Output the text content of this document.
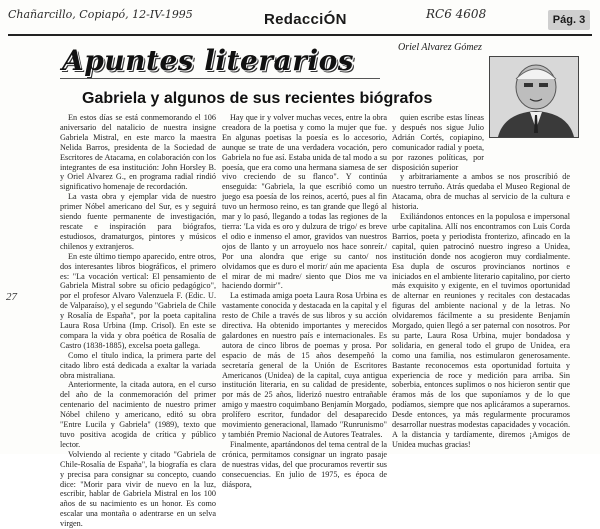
Chañarcillo, Copiapó, 12-IV-1995	RC6 4608
RedacciÓN	Pág. 3
Apuntes literarios	Oriel Alvarez Gómez
Gabriela y algunos de sus recientes biógrafos
27

En estos días se está conmemorando el 106 aniversario del natalicio de nuestra insigne Gabriela Mistral, en este marco la maestra Nelida Barros, presidenta de la Sociedad de Escritores de Atacama, en colaboración con los integrantes de esa institución: John Horsley B. y Oriel Alvarez G., en programa radial rindió significativo homenaje de recordación.

La vasta obra y ejemplar vida de nuestro primer Nóbel americano del Sur, es y seguirá siendo fuente permanente de investigación, rescate e inspiración para biógrafos, estudiosos, dramaturgos, pintores y músicos chilenos y extranjeros.

En este último tiempo aparecido, entre otros, dos interesantes libros biográficos, el primero es: "La vocación vertical: El pensamiento de Gabriela Mistral sobre su oficio pedagógico", por el profesor Alvaro Valenzuela F. (Edic. U. de Valparaíso), y el segundo "Gabriela de Chile y Rosalía de España", por la poeta capitalina Laura Rosa Urbina (Imp. Crisol). En este se compara la vida y obra poética de Rosalía de Castro (1838-1885), excelsa poeta gallega.

Como el título indica, la primera parte del citado libro está dedicada a exaltar la variada obra mistraliana.

Anteriormente, la citada autora, en el curso del año de la conmemoración del primer centenario del nacimiento de nuestro primer Nóbel chileno y americano, editó su obra "Entre Lucila y Gabriela" (1989), texto que tuvo positiva acogida de crítica y público lector.

Volviendo al reciente y citado "Gabriela de Chile-Rosalía de España", la biografía es clara y precisa para consignar su concepto, cuando dice: "Morir para vivir de nuevo en la luz, escribir, hablar de Gabriela Mistral en los 100 años de su nacimiento es un honor. Es como escalar una montaña o adentrarse en un selva virgen.

Hay que ir y volver muchas veces, entre la obra creadora de la poetisa y como la mujer que fue. En algunas poetisas la poesía es lo accesorio, aunque se trate de una verdadera vocación, pero Gabriela no fue así. Estaba unida de tal modo a su poesía, que era como una hermana siamesa de ser vivo creciendo de su flanco". Y continúa enseguida: "Gabriela, la que escribió como un juego esa poesía de los reinos, acertó, pues al fin tuvo un hermoso reino, es tan grande que llegó al mar y lo pasó, llegando a todas las regiones de la tierra: 'La vida es oro y dulzura de trigo/ es breve el odio e inmenso el amor, gravidos van nuestros ojos de llanto y un arroyuelo nos hace sonreír./ Por una alondra que erige su canto/ nos olvidamos que es duro el morir/ aún me apacienta el mirar de mi madre/ siento que Dios me va haciendo dormir'".

La estimada amiga poeta Laura Rosa Urbina es vastamente conocida y destacada en la capital y el resto de Chile a través de sus libros y su acción directiva. Ha obtenido importantes y merecidos galardones en nuestro país e internacionales. Es autora de cinco libros de poemas y prosa. Por espacio de más de 15 años desempeñó la secretaría general de la Unión de Escritores Americanos (Unidea) de la capital, cuya antigua institución literaria, en su calidad de presidente, por más de 25 años, liderizó nuestro entrañable amigo y maestro coquimbano Benjamín Morgado, prolífero escritor, fundador del desaparecido movimiento generacional, llamado "Runrunismo" y también Premio Nacional de Autores Teatrales.

Finalmente, apartándonos del tema central de la crónica, permitamos consignar un ingrato pasaje de nuestras vidas, del que procuramos revertir sus consecuencias. En julio de 1975, es época de diáspora,

quien escribe estas líneas y después nos sigue Julio Adrián Cortés, copiapino, comunicador radial y poeta, por razones políticas, por disposición superior

y arbitrariamente a ambos se nos proscribió de nuestro terruño. Atrás quedaba el Museo Regional de Atacama, obra de muchas al servicio de la cultura e historia.

Exiliándonos entonces en la populosa e impersonal urbe capitalina. Allí nos encontramos con Luis Corda Barrios, poeta y periodista fronterizo, afincado en la capital, quien patrocinó nuestro ingreso a Unidea, institución donde nos acogieron muy cordialmente. Esa dupla de oscuros provincianos nortinos e iniciados en el ambiente literario capitalino, por cierto más exquisito y exigente, en el tuvimos oportunidad de alternar en reuniones y recitales con destacadas figuras del ambiente nacional y de la letras. No olvidaremos fácilmente a su presidente Benjamín Morgado, quien llegó a ser paternal con nosotros. Por su parte, Laura Rosa Urbina, mujer bondadosa y solidaria, en general todo el grupo de Unidea, era como una familia, nos estimularon generosamente. Bastante reconocemos esta oportunidad fortuita y experiencia de roce y medición para arriba. Sin soberbia, entonces suplimos o nos hicieron sentir que éramos más de los que suponíamos y de lo que podíamos, siempre que nos aplicáramos a superarnos. Desde entonces, ya más regularmente procuramos desarrollar nuestras modestas capacidades y vocación. A la distancia y tardíamente, diremos ¡Amigos de Unidea muchas gracias!
